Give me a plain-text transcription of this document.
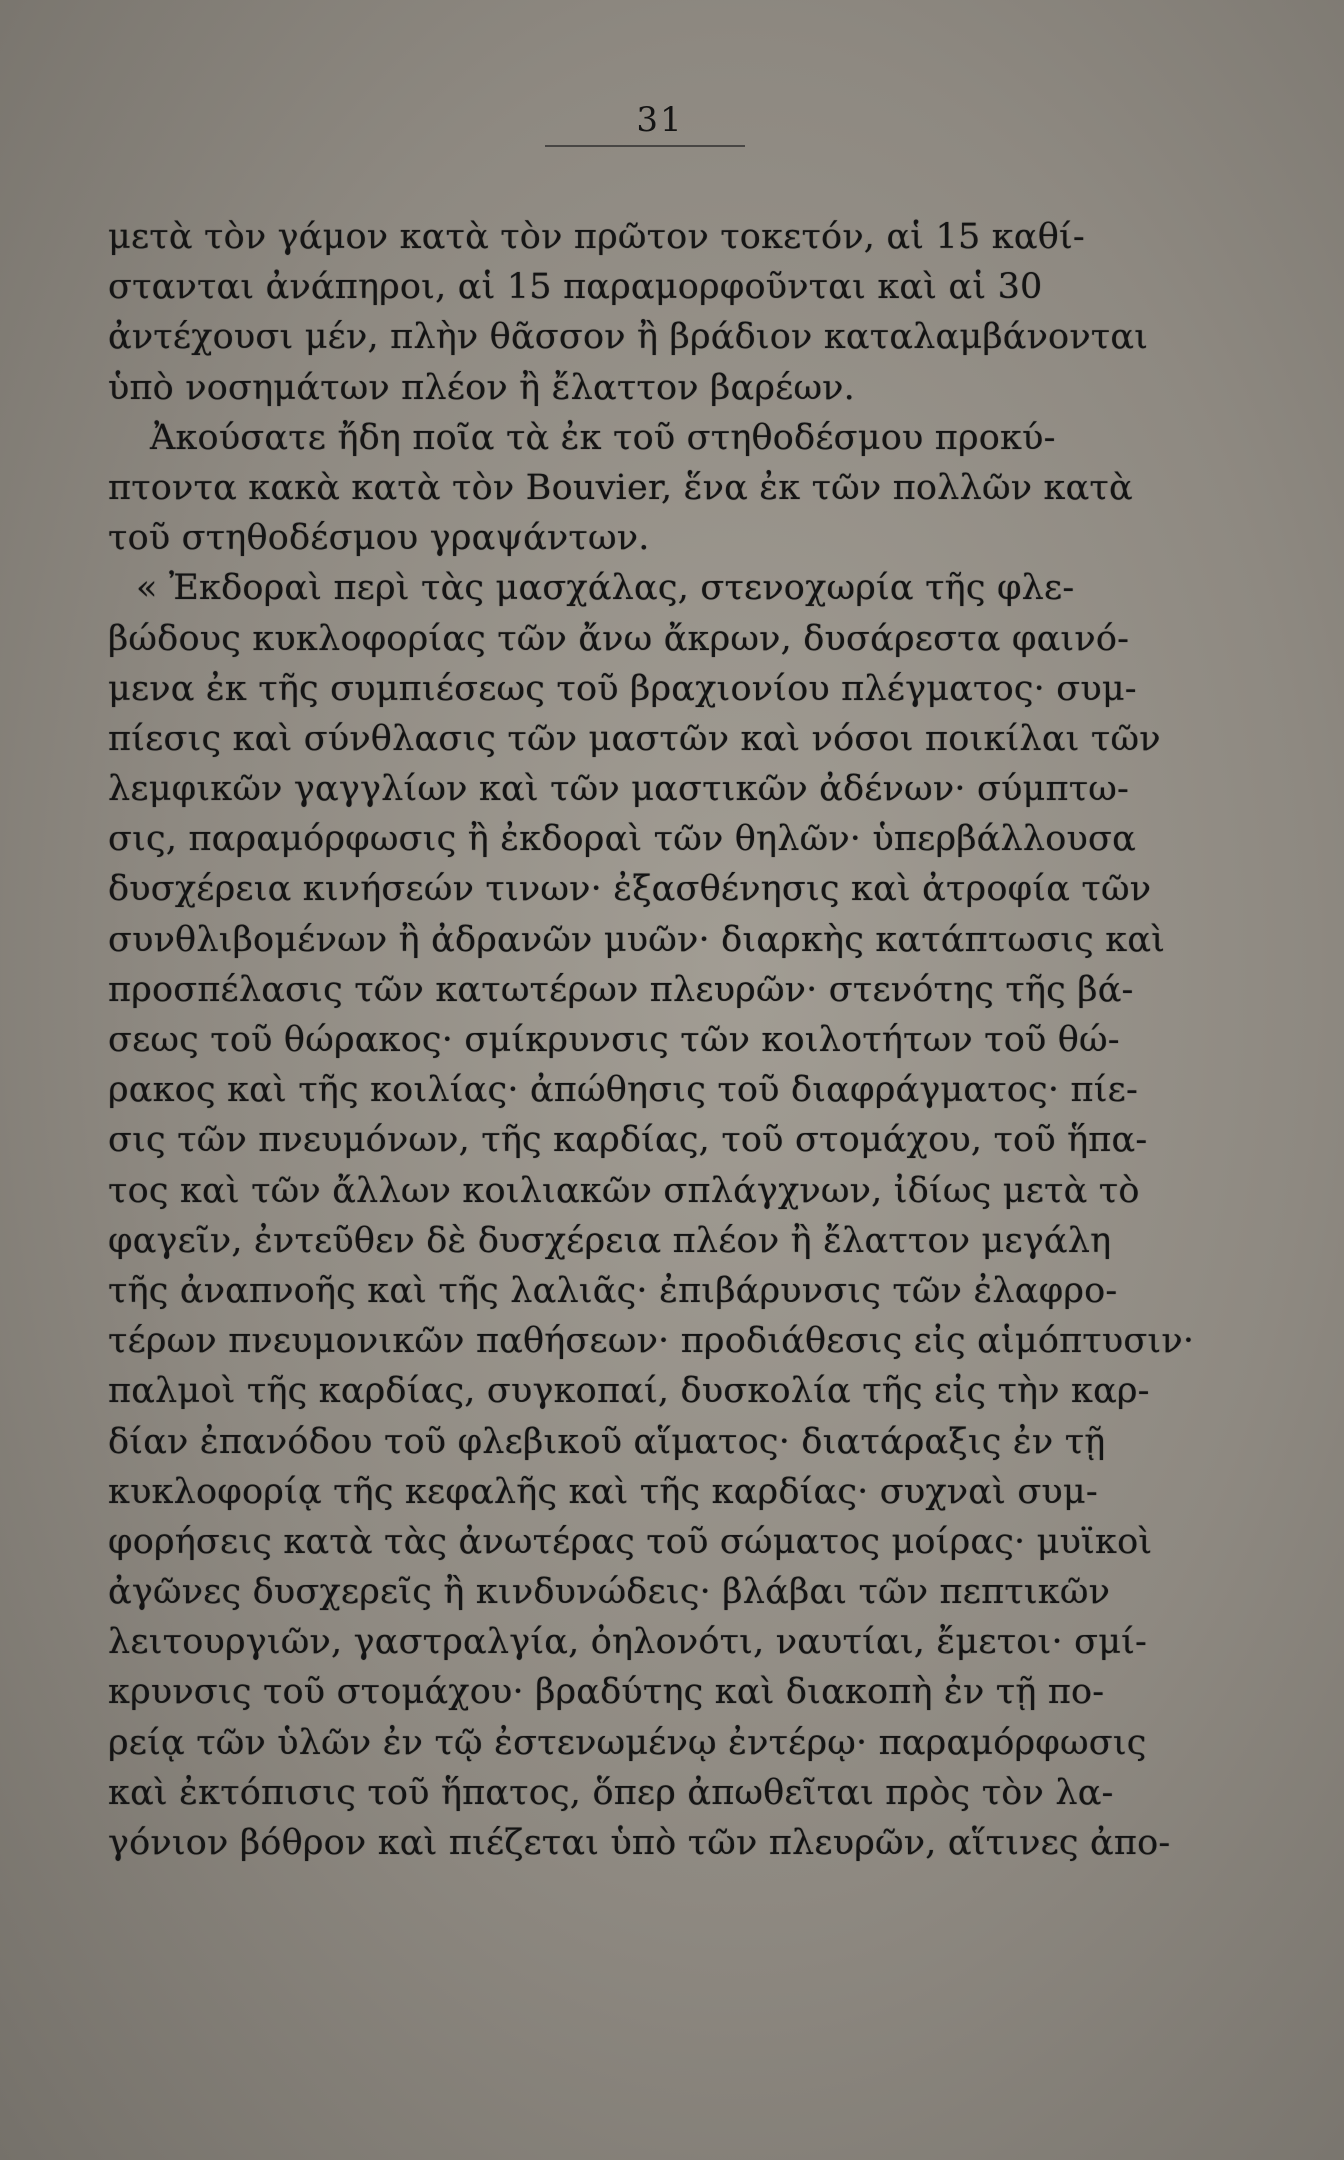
31
μετὰ τὸν γάμον κατὰ τὸν πρῶτον τοκετόν, αἱ 15 καθί-
στανται ἀνάπηροι, αἱ 15 παραμορφοῦνται καὶ αἱ 30
ἀντέχουσι μέν, πλὴν θᾶσσον ἢ βράδιον καταλαμβάνονται
ὑπὸ νοσημάτων πλέον ἢ ἔλαττον βαρέων.
Ἀκούσατε ἤδη ποῖα τὰ ἐκ τοῦ στηθοδέσμου προκύ-
πτοντα κακὰ κατὰ τὸν Bouvier, ἕνα ἐκ τῶν πολλῶν κατὰ
τοῦ στηθοδέσμου γραψάντων.
« Ἐκδοραὶ περὶ τὰς μασχάλας, στενοχωρία τῆς φλε-
βώδους κυκλοφορίας τῶν ἄνω ἄκρων, δυσάρεστα φαινό-
μενα ἐκ τῆς συμπιέσεως τοῦ βραχιονίου πλέγματος· συμ-
πίεσις καὶ σύνθλασις τῶν μαστῶν καὶ νόσοι ποικίλαι τῶν
λεμφικῶν γαγγλίων καὶ τῶν μαστικῶν ἀδένων· σύμπτω-
σις, παραμόρφωσις ἢ ἐκδοραὶ τῶν θηλῶν· ὑπερβάλλουσα
δυσχέρεια κινήσεών τινων· ἐξασθένησις καὶ ἀτροφία τῶν
συνθλιβομένων ἢ ἀδρανῶν μυῶν· διαρκὴς κατάπτωσις καὶ
προσπέλασις τῶν κατωτέρων πλευρῶν· στενότης τῆς βά-
σεως τοῦ θώρακος· σμίκρυνσις τῶν κοιλοτήτων τοῦ θώ-
ρακος καὶ τῆς κοιλίας· ἀπώθησις τοῦ διαφράγματος· πίε-
σις τῶν πνευμόνων, τῆς καρδίας, τοῦ στομάχου, τοῦ ἥπα-
τος καὶ τῶν ἄλλων κοιλιακῶν σπλάγχνων, ἰδίως μετὰ τὸ
φαγεῖν, ἐντεῦθεν δὲ δυσχέρεια πλέον ἢ ἔλαττον μεγάλη
τῆς ἀναπνοῆς καὶ τῆς λαλιᾶς· ἐπιβάρυνσις τῶν ἐλαφρο-
τέρων πνευμονικῶν παθήσεων· προδιάθεσις εἰς αἱμόπτυσιν·
παλμοὶ τῆς καρδίας, συγκοπαί, δυσκολία τῆς εἰς τὴν καρ-
δίαν ἐπανόδου τοῦ φλεβικοῦ αἵματος· διατάραξις ἐν τῇ
κυκλοφορίᾳ τῆς κεφαλῆς καὶ τῆς καρδίας· συχναὶ συμ-
φορήσεις κατὰ τὰς ἀνωτέρας τοῦ σώματος μοίρας· μυϊκοὶ
ἀγῶνες δυσχερεῖς ἢ κινδυνώδεις· βλάβαι τῶν πεπτικῶν
λειτουργιῶν, γαστραλγία, ὀηλονότι, ναυτίαι, ἔμετοι· σμί-
κρυνσις τοῦ στομάχου· βραδύτης καὶ διακοπὴ ἐν τῇ πο-
ρείᾳ τῶν ὑλῶν ἐν τῷ ἐστενωμένῳ ἐντέρῳ· παραμόρφωσις
καὶ ἐκτόπισις τοῦ ἥπατος, ὅπερ ἀπωθεῖται πρὸς τὸν λα-
γόνιον βόθρον καὶ πιέζεται ὑπὸ τῶν πλευρῶν, αἵτινες ἀπο-
